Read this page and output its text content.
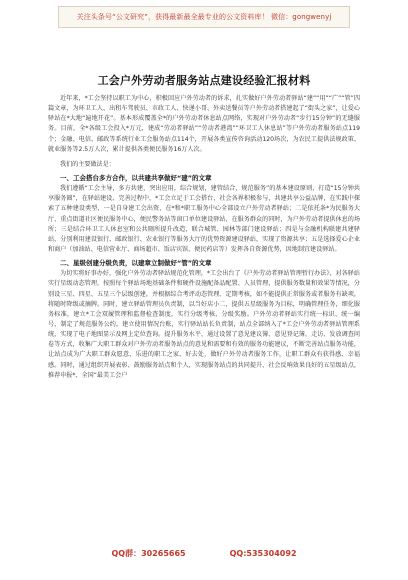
关注头条号“公文研究”，获得最新最全最专业的公文资料库！ 微信：gongwenyj
工会户外劳动者服务站点建设经验汇报材料

近年来，*工会坚持以职工为中心，积极回应户外劳动者的诉求，扎实做好户外劳动者驿站“建”“用”“广”“管”四篇文章，为环卫工人、出租车驾驶员、市政工人、快递小哥、外卖送餐员等户外劳动者搭建起了“街头之家”，让爱心驿站在*大地“遍地开花”。基本形成覆盖全*的户外劳动者休息站点网络，实现对户外劳动者“步行15分钟”的无缝服务。目前，全*各级工会投入*万元，建成“劳动者驿站”“劳动者港湾”“环卫工人休息站”等户外劳动者服务站点119个；金融、电信、邮政等系统行业工会服务站点114个，开展各类宣传咨询活动120场次，为农民工提供法规政策、就业服务等2.5万人次，累计提供各类便民服务16万人次。

我们的主要做法是：

一、工会搭台多方合作，以共建共享做好“建”的文章

我们遵循“工会主导，多方共建，突出应用，综合规划，建管结合，规范服务”的基本建设原则，打造“15分钟共享服务圈”，在驿站建设、完善过程中，*工会立足于工会搭台，社会各界积极参与，共建共享公益品牌，在实践中探索了五种建设类型，一是自身建工会出资，在*和*职工服务中心全部设立户外劳动者驿站；二是依托条*为民服务大厅、重点街道社区便民服务中心，便民警务站等窗口单位建设驿站，在服务群众的同时，为户外劳动者提供休息的场所；三是结合环卫工人休息室和公共厕所提升改造，联合城管、园林等部门建设驿站；四是与金融机构联建共建驿站，分别利用建设银行、邮政银行、农业银行等服务大厅的优势资源建设驿站，实现了资源共享；五是选择爱心企业和商户（加油站、电信营业厅、商场超市、饭店宾馆、便民药店等）发挥各自资源优势，因地制宜建设驿站。

二、星级创建分级负责，以建章立制做好“管”的文章

为切实将好事办好，强化户外劳动者驿站规范化管理，*工会出台了《户外劳动者驿站管理暂行办法》，对各驿站实行星级动态管理，按照每个驿站场地基础条件和硬件设施配备品配置、人员管理、提供服务数量和效果等情况，分别设三星、四星、五星三个层级创建，并根据综合考评动态管理、定期考核，如不能提供正常服务或者服务有缺项，将随时降级或摘牌。同时，建立驿站管理员负责制，以当好店小二，提供五星级服务为目标，明确管理任务，细化服务标准，建立*工会双履管理和监督检查制度，实行分级考核、分级奖励。户外劳动者驿站实行统一标识、统一编号，制定了规范服务公约，建立使用情况台账，实行驿站站长负责制，站点全部纳入了*工会户外劳动者驿站管理系统，实现了电子地图显示及网上定位查询。提升服务水平，通过设置了意见建议簿、意见登记簿，走访、发放调查问卷等方式，收集广大职工群众对户外劳动者服务站点的意见和需要和有效的服务功能建议，不断完善站点服务功能，让站点成为广大职工群众愿意、乐进的职工之家、好去处，做好户外劳动者服务工作，让职工群众有获得感、幸福感。同时，通过组织开展表彰、鼓励服务站点和个人，实现服务站点的共同提升，社会反响效果良好的五星级站点，推荐申报*、全国“最美工会户

QQ群：30265665	QQ:535304092
